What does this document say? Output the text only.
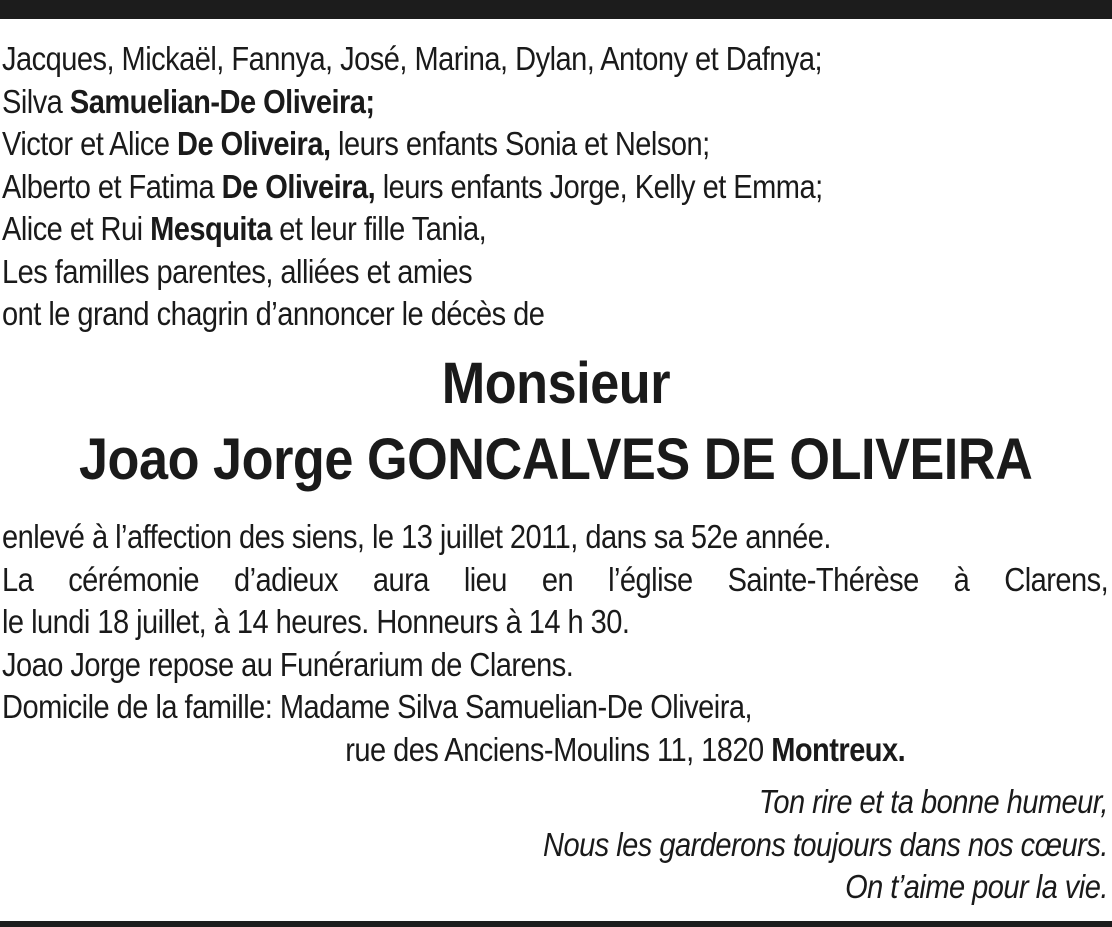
Jacques, Mickaël, Fannya, José, Marina, Dylan, Antony et Dafnya;
Silva Samuelian-De Oliveira;
Victor et Alice De Oliveira, leurs enfants Sonia et Nelson;
Alberto et Fatima De Oliveira, leurs enfants Jorge, Kelly et Emma;
Alice et Rui Mesquita et leur fille Tania,
Les familles parentes, alliées et amies
ont le grand chagrin d’annoncer le décès de
Monsieur
Joao Jorge GONCALVES DE OLIVEIRA
enlevé à l’affection des siens, le 13 juillet 2011, dans sa 52e année.
La cérémonie d’adieux aura lieu en l’église Sainte-Thérèse à Clarens,
le lundi 18 juillet, à 14 heures. Honneurs à 14 h 30.
Joao Jorge repose au Funérarium de Clarens.
Domicile de la famille: Madame Silva Samuelian-De Oliveira,
rue des Anciens-Moulins 11, 1820 Montreux.
Ton rire et ta bonne humeur,
Nous les garderons toujours dans nos cœurs.
On t’aime pour la vie.
